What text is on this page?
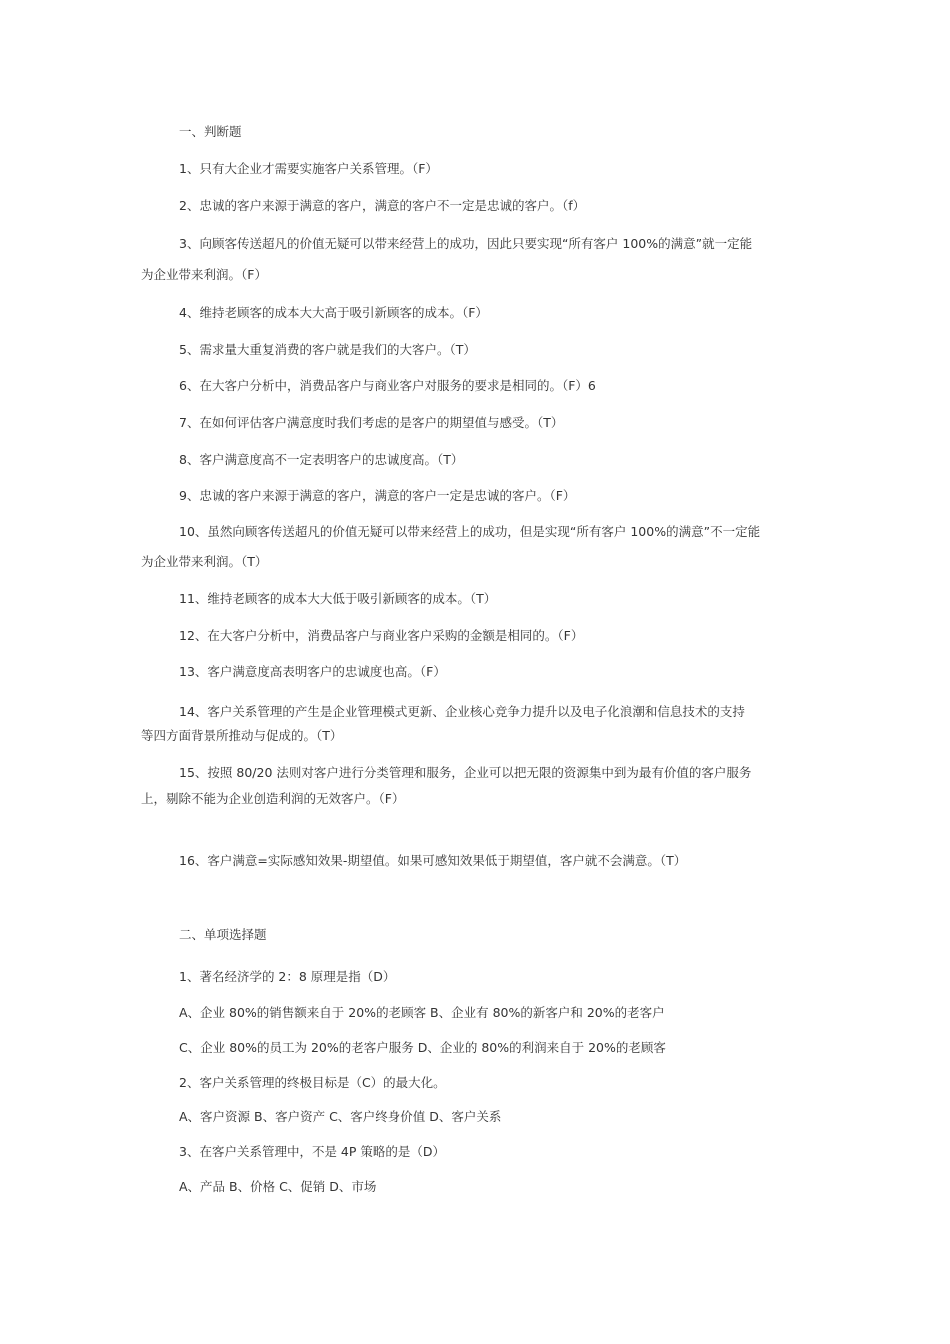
一、判断题
1、只有大企业才需要实施客户关系管理。（F）
2、忠诚的客户来源于满意的客户，满意的客户不一定是忠诚的客户。（f）
3、向顾客传送超凡的价值无疑可以带来经营上的成功，因此只要实现“所有客户 100%的满意”就一定能
为企业带来利润。（F）
4、维持老顾客的成本大大高于吸引新顾客的成本。（F）
5、需求量大重复消费的客户就是我们的大客户。（T）
6、在大客户分析中，消费品客户与商业客户对服务的要求是相同的。（F）6
7、在如何评估客户满意度时我们考虑的是客户的期望值与感受。（T）
8、客户满意度高不一定表明客户的忠诚度高。（T）
9、忠诚的客户来源于满意的客户，满意的客户一定是忠诚的客户。（F）
10、虽然向顾客传送超凡的价值无疑可以带来经营上的成功，但是实现“所有客户 100%的满意”不一定能
为企业带来利润。（T）
11、维持老顾客的成本大大低于吸引新顾客的成本。（T）
12、在大客户分析中，消费品客户与商业客户采购的金额是相同的。（F）
13、客户满意度高表明客户的忠诚度也高。（F）
14、客户关系管理的产生是企业管理模式更新、企业核心竞争力提升以及电子化浪潮和信息技术的支持
等四方面背景所推动与促成的。（T）
15、按照 80/20 法则对客户进行分类管理和服务，企业可以把无限的资源集中到为最有价值的客户服务
上，剔除不能为企业创造利润的无效客户。（F）
16、客户满意=实际感知效果-期望值。如果可感知效果低于期望值，客户就不会满意。（T）
二、单项选择题
1、著名经济学的 2：8 原理是指（D）
A、企业 80%的销售额来自于 20%的老顾客 B、企业有 80%的新客户和 20%的老客户
C、企业 80%的员工为 20%的老客户服务 D、企业的 80%的利润来自于 20%的老顾客
2、客户关系管理的终极目标是（C）的最大化。
A、客户资源 B、客户资产 C、客户终身价值 D、客户关系
3、在客户关系管理中，不是 4P 策略的是（D）
A、产品 B、价格 C、促销 D、市场
